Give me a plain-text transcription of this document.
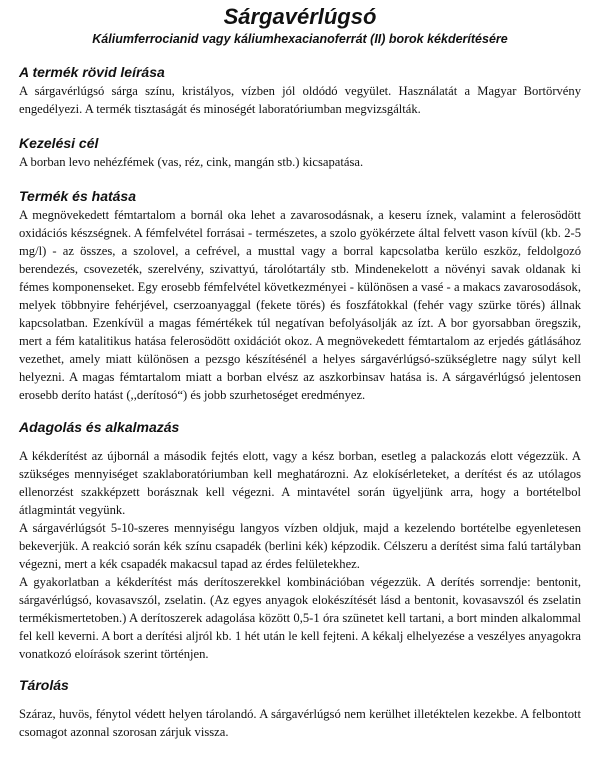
Sárgavérlúgsó
Káliumferrocianid vagy káliumhexacianoferrát (II) borok kékderítésére
A termék rövid leírása

A sárgavérlúgsó sárga színu, kristályos, vízben jól oldódó vegyület. Használatát a Magyar Bortörvény engedélyezi. A termék tisztaságát és minoségét laboratóriumban megvizsgálták.

Kezelési cél

A borban levo nehézfémek (vas, réz, cink, mangán stb.) kicsapatása.

Termék és hatása

A megnövekedett fémtartalom a bornál oka lehet a zavarosodásnak, a keseru íznek, valamint a felerosödött oxidációs készségnek. A fémfelvétel forrásai - természetes, a szolo gyökérzete által felvett vason kívül (kb. 2-5 mg/l) - az összes, a szolovel, a cefrével, a musttal vagy a borral kapcsolatba kerülo eszköz, feldolgozó berendezés, csovezeték, szerelvény, szivattyú, tárolótartály stb. Mindenekelott a növényi savak oldanak ki fémes komponenseket. Egy erosebb fémfelvétel következményei - különösen a vasé - a makacs zavarosodások, melyek többnyire fehérjével, cserzoanyaggal (fekete törés) és foszfátokkal (fehér vagy szürke törés) állnak kapcsolatban. Ezenkívül a magas fémértékek túl negatívan befolyásolják az ízt. A bor gyorsabban öregszik, mert a fém katalitikus hatása felerosödött oxidációt okoz. A megnövekedett fémtartalom az erjedés gátlásához vezethet, amely miatt különösen a pezsgo készítésénél a helyes sárgavérlúgsó-szükségletre nagy súlyt kell helyezni. A magas fémtartalom miatt a borban elvész az aszkorbinsav hatása is. A sárgavérlúgsó jelentosen erosebb deríto hatást (,,derítosó“) és jobb szurhetoséget eredményez.

Adagolás és alkalmazás

A kékderítést az újbornál a második fejtés elott, vagy a kész borban, esetleg a palackozás elott végezzük. A szükséges mennyiséget szaklaboratóriumban kell meghatározni. Az elokísérleteket, a derítést és az utólagos ellenorzést szakképzett borásznak kell végezni. A mintavétel során ügyeljünk arra, hogy a bortételbol átlagmintát vegyünk.

A sárgavérlúgsót 5-10-szeres mennyiségu langyos vízben oldjuk, majd a kezelendo bortételbe egyenletesen bekeverjük. A reakció során kék színu csapadék (berlini kék) képzodik. Célszeru a derítést sima falú tartályban végezni, mert a kék csapadék makacsul tapad az érdes felületekhez.

A gyakorlatban a kékderítést más derítoszerekkel kombinációban végezzük. A derítés sorrendje: bentonit, sárgavérlúgsó, kovasavszól, zselatin. (Az egyes anyagok elokészítését lásd a bentonit, kovasavszól és zselatin termékismertetoben.) A derítoszerek adagolása között 0,5-1 óra szünetet kell tartani, a bort minden alkalommal fel kell keverni. A bort a derítési aljról kb. 1 hét után le kell fejteni. A kékalj elhelyezése a veszélyes anyagokra vonatkozó eloírások szerint történjen.

Tárolás

Száraz, huvös, fénytol védett helyen tárolandó. A sárgavérlúgsó nem kerülhet illetéktelen kezekbe. A felbontott csomagot azonnal szorosan zárjuk vissza.
